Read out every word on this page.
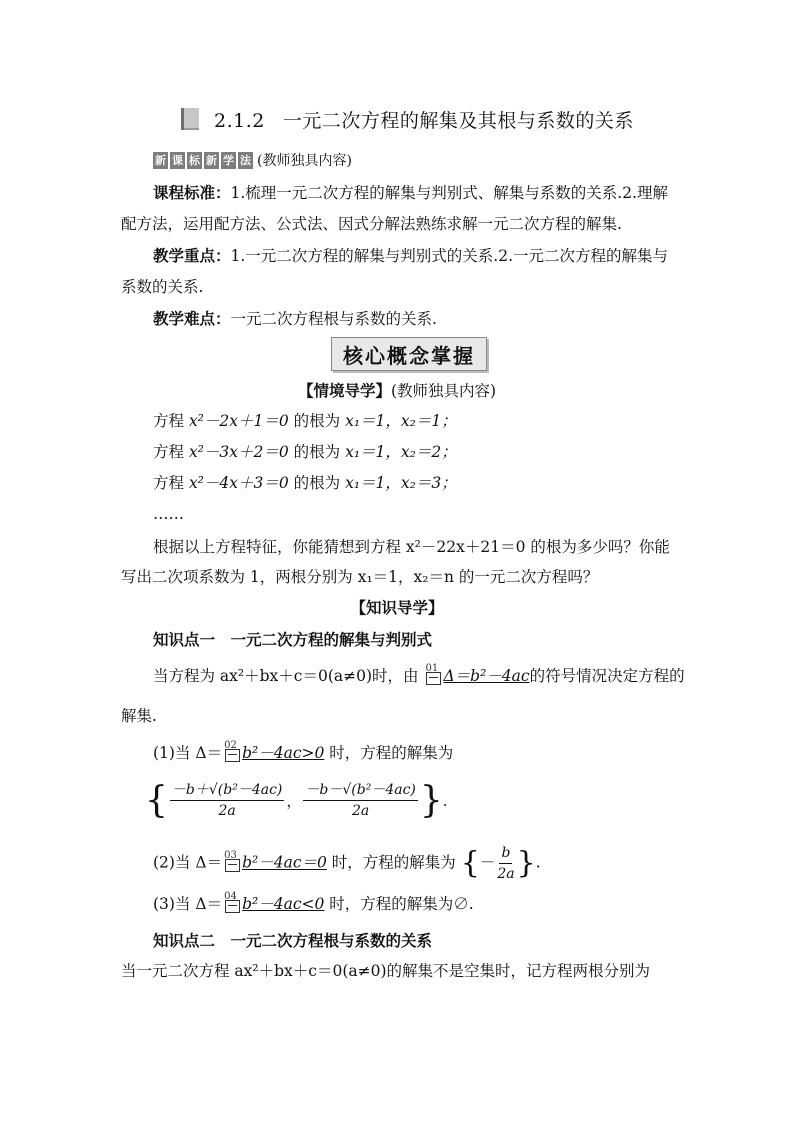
2.1.2 一元二次方程的解集及其根与系数的关系
新 课 标 新 学 法 (教师独具内容)
课程标准：1.梳理一元二次方程的解集与判别式、解集与系数的关系.2.理解
配方法，运用配方法、公式法、因式分解法熟练求解一元二次方程的解集.
教学重点：1.一元二次方程的解集与判别式的关系.2.一元二次方程的解集与
系数的关系.
教学难点：一元二次方程根与系数的关系.
核心概念掌握
【情境导学】(教师独具内容)
方程 x²－2x＋1＝0 的根为 x₁＝1，x₂＝1；
方程 x²－3x＋2＝0 的根为 x₁＝1，x₂＝2；
方程 x²－4x＋3＝0 的根为 x₁＝1，x₂＝3；
……
根据以上方程特征，你能猜想到方程 x²－22x＋21＝0 的根为多少吗？你能
写出二次项系数为 1，两根分别为 x₁＝1，x₂＝n 的一元二次方程吗？
【知识导学】
知识点一　一元二次方程的解集与判别式
当方程为 ax²＋bx＋c＝0(a≠0)时，由 01 Δ＝b²－4ac的符号情况决定方程的
解集.
(1)当 Δ＝ 02 b²－4ac>0 时，方程的解集为
{ $\frac{\text{－b＋√(b²－4ac)}}{2a}$ ， $\frac{\text{－b－√(b²－4ac)}}{2a}$ } .
(2)当 Δ＝ 03 b²－4ac＝0 时，方程的解集为 {－ $\frac{b}{2a}$ }.
(3)当 Δ＝ 04 b²－4ac<0 时，方程的解集为∅.
知识点二　一元二次方程根与系数的关系
当一元二次方程 ax²＋bx＋c＝0(a≠0)的解集不是空集时，记方程两根分别为
